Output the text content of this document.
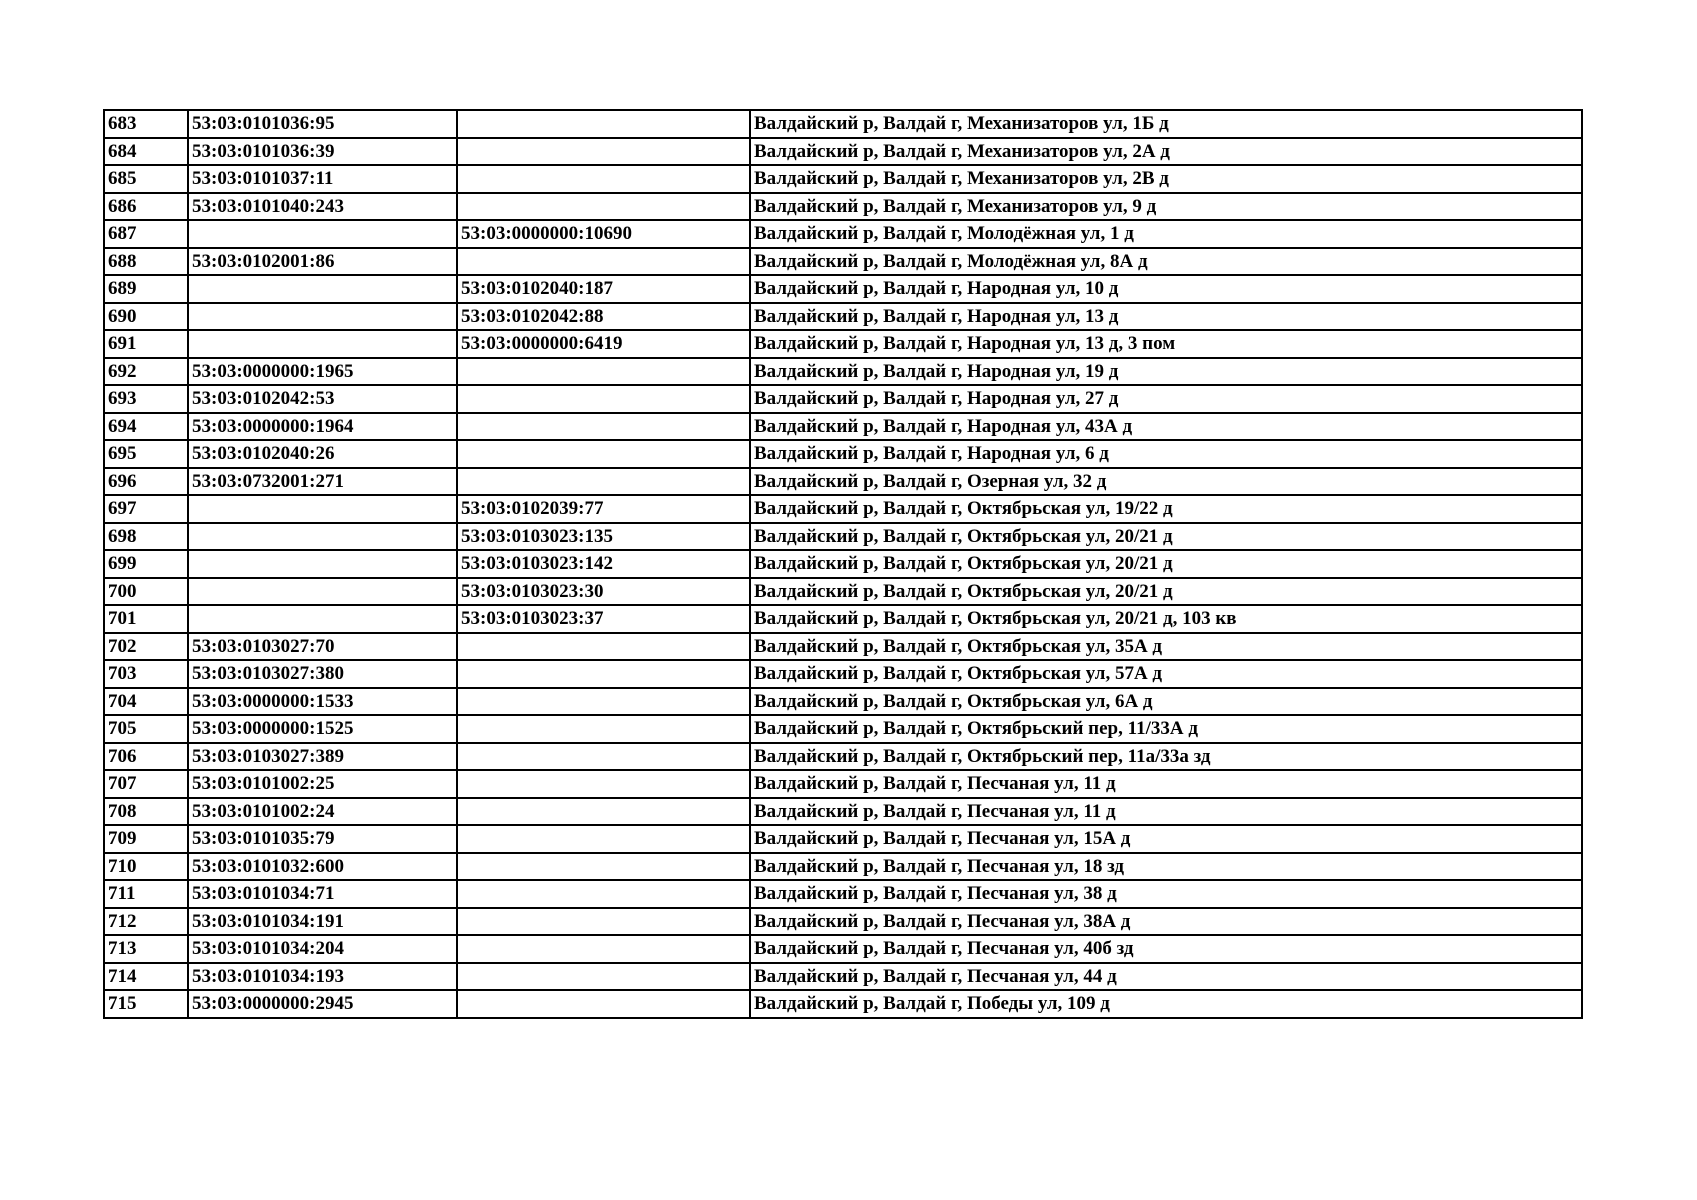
683	53:03:0101036:95		Валдайский р, Валдай г, Механизаторов ул, 1Б д
684	53:03:0101036:39		Валдайский р, Валдай г, Механизаторов ул, 2А д
685	53:03:0101037:11		Валдайский р, Валдай г, Механизаторов ул, 2В д
686	53:03:0101040:243		Валдайский р, Валдай г, Механизаторов ул, 9 д
687		53:03:0000000:10690	Валдайский р, Валдай г, Молодёжная ул, 1 д
688	53:03:0102001:86		Валдайский р, Валдай г, Молодёжная ул, 8А д
689		53:03:0102040:187	Валдайский р, Валдай г, Народная ул, 10 д
690		53:03:0102042:88	Валдайский р, Валдай г, Народная ул, 13 д
691		53:03:0000000:6419	Валдайский р, Валдай г, Народная ул, 13 д, 3 пом
692	53:03:0000000:1965		Валдайский р, Валдай г, Народная ул, 19 д
693	53:03:0102042:53		Валдайский р, Валдай г, Народная ул, 27 д
694	53:03:0000000:1964		Валдайский р, Валдай г, Народная ул, 43А д
695	53:03:0102040:26		Валдайский р, Валдай г, Народная ул, 6 д
696	53:03:0732001:271		Валдайский р, Валдай г, Озерная ул, 32 д
697		53:03:0102039:77	Валдайский р, Валдай г, Октябрьская ул, 19/22 д
698		53:03:0103023:135	Валдайский р, Валдай г, Октябрьская ул, 20/21 д
699		53:03:0103023:142	Валдайский р, Валдай г, Октябрьская ул, 20/21 д
700		53:03:0103023:30	Валдайский р, Валдай г, Октябрьская ул, 20/21 д
701		53:03:0103023:37	Валдайский р, Валдай г, Октябрьская ул, 20/21 д, 103 кв
702	53:03:0103027:70		Валдайский р, Валдай г, Октябрьская ул, 35А д
703	53:03:0103027:380		Валдайский р, Валдай г, Октябрьская ул, 57А д
704	53:03:0000000:1533		Валдайский р, Валдай г, Октябрьская ул, 6А д
705	53:03:0000000:1525		Валдайский р, Валдай г, Октябрьский пер, 11/33А д
706	53:03:0103027:389		Валдайский р, Валдай г, Октябрьский пер, 11а/33а зд
707	53:03:0101002:25		Валдайский р, Валдай г, Песчаная ул, 11 д
708	53:03:0101002:24		Валдайский р, Валдай г, Песчаная ул, 11 д
709	53:03:0101035:79		Валдайский р, Валдай г, Песчаная ул, 15А д
710	53:03:0101032:600		Валдайский р, Валдай г, Песчаная ул, 18 зд
711	53:03:0101034:71		Валдайский р, Валдай г, Песчаная ул, 38 д
712	53:03:0101034:191		Валдайский р, Валдай г, Песчаная ул, 38А д
713	53:03:0101034:204		Валдайский р, Валдай г, Песчаная ул, 40б зд
714	53:03:0101034:193		Валдайский р, Валдай г, Песчаная ул, 44 д
715	53:03:0000000:2945		Валдайский р, Валдай г, Победы ул, 109 д
